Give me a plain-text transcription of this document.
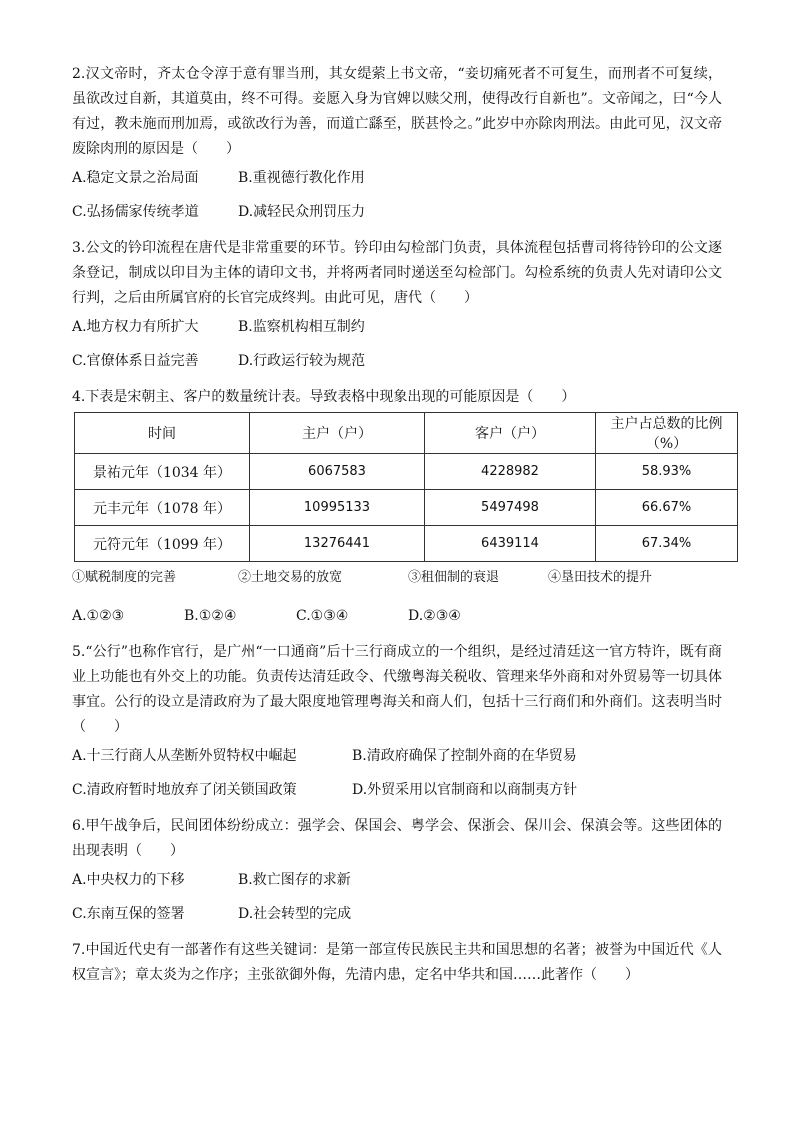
2.汉文帝时，齐太仓令淳于意有罪当刑，其女缇萦上书文帝，“妾切痛死者不可复生，而刑者不可复续，虽欲改过自新，其道莫由，终不可得。妾愿入身为官婢以赎父刑，使得改行自新也”。文帝闻之，曰“今人有过，教未施而刑加焉，或欲改行为善，而道亡繇至，朕甚怜之。”此岁中亦除肉刑法。由此可见，汉文帝废除肉刑的原因是（　　）

A.稳定文景之治局面	B.重视德行教化作用
C.弘扬儒家传统孝道	D.减轻民众刑罚压力

3.公文的钤印流程在唐代是非常重要的环节。钤印由勾检部门负责，具体流程包括曹司将待钤印的公文逐条登记，制成以印目为主体的请印文书，并将两者同时递送至勾检部门。勾检系统的负责人先对请印公文行判，之后由所属官府的长官完成终判。由此可见，唐代（　　）

A.地方权力有所扩大	B.监察机构相互制约
C.官僚体系日益完善	D.行政运行较为规范

4.下表是宋朝主、客户的数量统计表。导致表格中现象出现的可能原因是（　　）

时间	主户（户）	客户（户）	主户占总数的比例（%）
景祐元年（1034 年）	6067583	4228982	58.93%
元丰元年（1078 年）	10995133	5497498	66.67%
元符元年（1099 年）	13276441	6439114	67.34%
①赋税制度的完善	②土地交易的放宽	③租佃制的衰退	④垦田技术的提升
A.①②③	B.①②④	C.①③④	D.②③④

5.“公行”也称作官行，是广州“一口通商”后十三行商成立的一个组织，是经过清廷这一官方特许，既有商业上功能也有外交上的功能。负责传达清廷政令、代缴粤海关税收、管理来华外商和对外贸易等一切具体事宜。公行的设立是清政府为了最大限度地管理粤海关和商人们，包括十三行商们和外商们。这表明当时（　　）

A.十三行商人从垄断外贸特权中崛起	B.清政府确保了控制外商的在华贸易
C.清政府暂时地放弃了闭关锁国政策	D.外贸采用以官制商和以商制夷方针

6.甲午战争后，民间团体纷纷成立：强学会、保国会、粤学会、保浙会、保川会、保滇会等。这些团体的出现表明（　　）

A.中央权力的下移	B.救亡图存的求新
C.东南互保的签署	D.社会转型的完成

7.中国近代史有一部著作有这些关键词：是第一部宣传民族民主共和国思想的名著；被誉为中国近代《人权宣言》；章太炎为之作序；主张欲御外侮，先清内患，定名中华共和国……此著作（　　）
